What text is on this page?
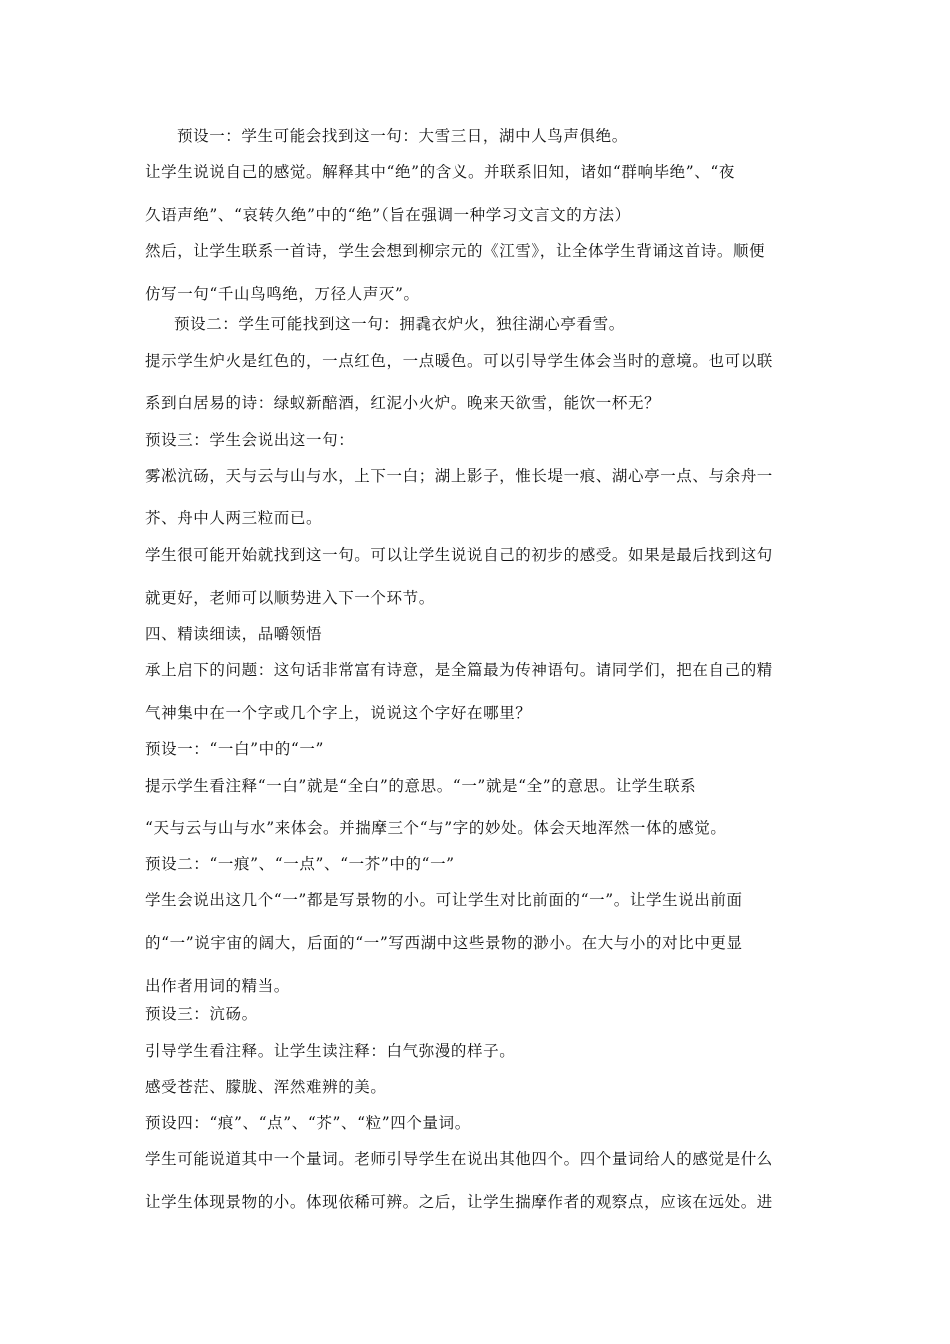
预设一：学生可能会找到这一句：大雪三日，湖中人鸟声俱绝。
让学生说说自己的感觉。解释其中“绝”的含义。并联系旧知，诸如“群响毕绝”、“夜
久语声绝”、“哀转久绝”中的“绝”（旨在强调一种学习文言文的方法）
然后，让学生联系一首诗，学生会想到柳宗元的《江雪》，让全体学生背诵这首诗。顺便
仿写一句“千山鸟鸣绝，万径人声灭”。
预设二：学生可能找到这一句：拥毳衣炉火，独往湖心亭看雪。
提示学生炉火是红色的，一点红色，一点暖色。可以引导学生体会当时的意境。也可以联
系到白居易的诗：绿蚁新醅酒，红泥小火炉。晚来天欲雪，能饮一杯无？
预设三：学生会说出这一句：
雾凇沆砀，天与云与山与水，上下一白；湖上影子，惟长堤一痕、湖心亭一点、与余舟一
芥、舟中人两三粒而已。
学生很可能开始就找到这一句。可以让学生说说自己的初步的感受。如果是最后找到这句
就更好，老师可以顺势进入下一个环节。
四、精读细读，品嚼领悟
承上启下的问题：这句话非常富有诗意，是全篇最为传神语句。请同学们，把在自己的精
气神集中在一个字或几个字上，说说这个字好在哪里？
预设一：“一白”中的“一”
提示学生看注释“一白”就是“全白”的意思。“一”就是“全”的意思。让学生联系
“天与云与山与水”来体会。并揣摩三个“与”字的妙处。体会天地浑然一体的感觉。
预设二：“一痕”、“一点”、“一芥”中的“一”
学生会说出这几个“一”都是写景物的小。可让学生对比前面的“一”。让学生说出前面
的“一”说宇宙的阔大，后面的“一”写西湖中这些景物的渺小。在大与小的对比中更显
出作者用词的精当。
预设三：沆砀。
引导学生看注释。让学生读注释：白气弥漫的样子。
感受苍茫、朦胧、浑然难辨的美。
预设四：“痕”、“点”、“芥”、“粒”四个量词。
学生可能说道其中一个量词。老师引导学生在说出其他四个。四个量词给人的感觉是什么
让学生体现景物的小。体现依稀可辨。之后，让学生揣摩作者的观察点，应该在远处。进
